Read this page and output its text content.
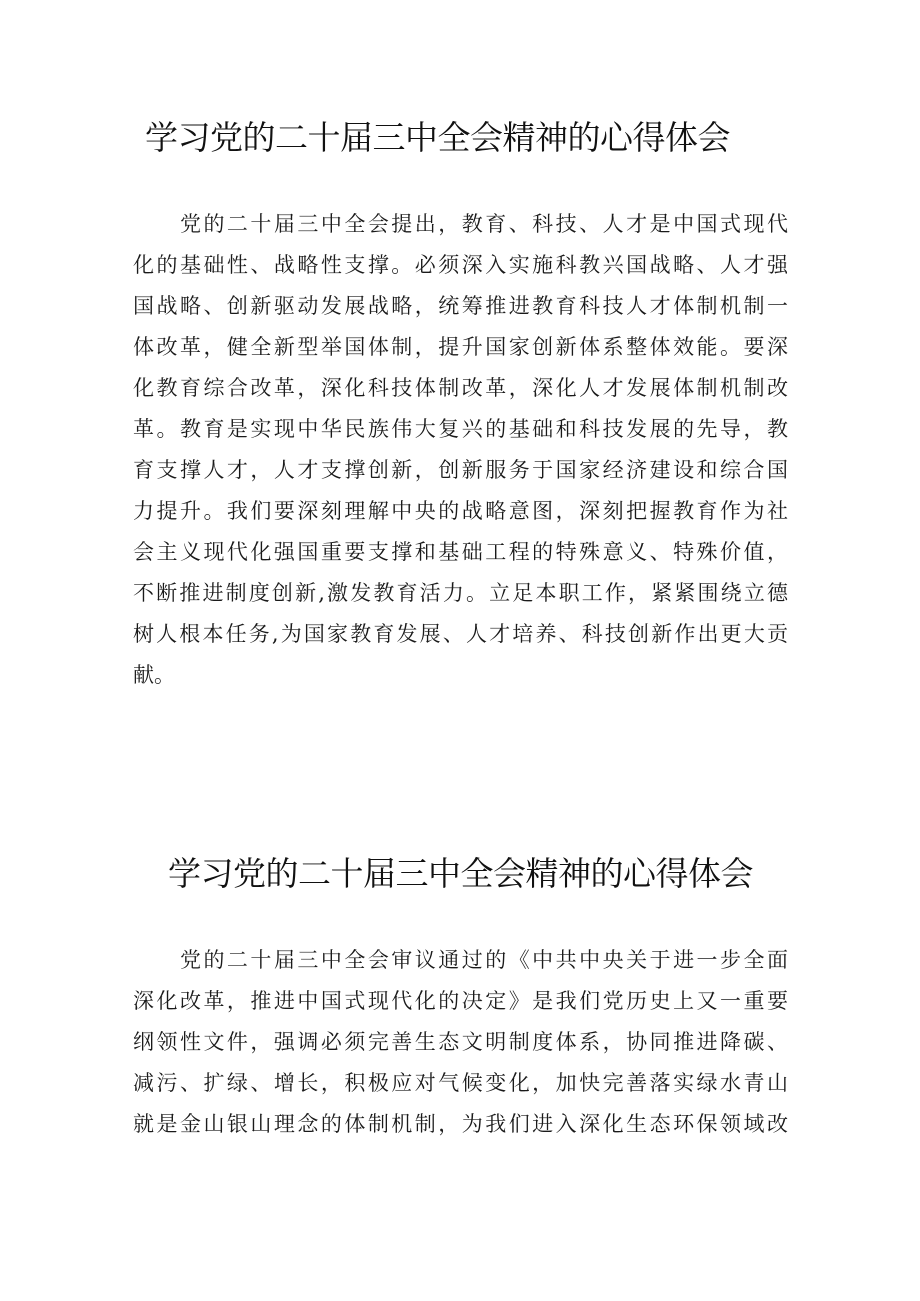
学习党的二十届三中全会精神的心得体会
　　党的二十届三中全会提出，教育、科技、人才是中国式现代
化的基础性、战略性支撑。必须深入实施科教兴国战略、人才强
国战略、创新驱动发展战略，统筹推进教育科技人才体制机制一
体改革，健全新型举国体制，提升国家创新体系整体效能。要深
化教育综合改革，深化科技体制改革，深化人才发展体制机制改
革。教育是实现中华民族伟大复兴的基础和科技发展的先导，教
育支撑人才，人才支撑创新，创新服务于国家经济建设和综合国
力提升。我们要深刻理解中央的战略意图，深刻把握教育作为社
会主义现代化强国重要支撑和基础工程的特殊意义、特殊价值，
不断推进制度创新,激发教育活力。立足本职工作，紧紧围绕立德
树人根本任务,为国家教育发展、人才培养、科技创新作出更大贡
献。
学习党的二十届三中全会精神的心得体会
　　党的二十届三中全会审议通过的《中共中央关于进一步全面
深化改革，推进中国式现代化的决定》是我们党历史上又一重要
纲领性文件，强调必须完善生态文明制度体系，协同推进降碳、
减污、扩绿、增长，积极应对气候变化，加快完善落实绿水青山
就是金山银山理念的体制机制，为我们进入深化生态环保领域改
